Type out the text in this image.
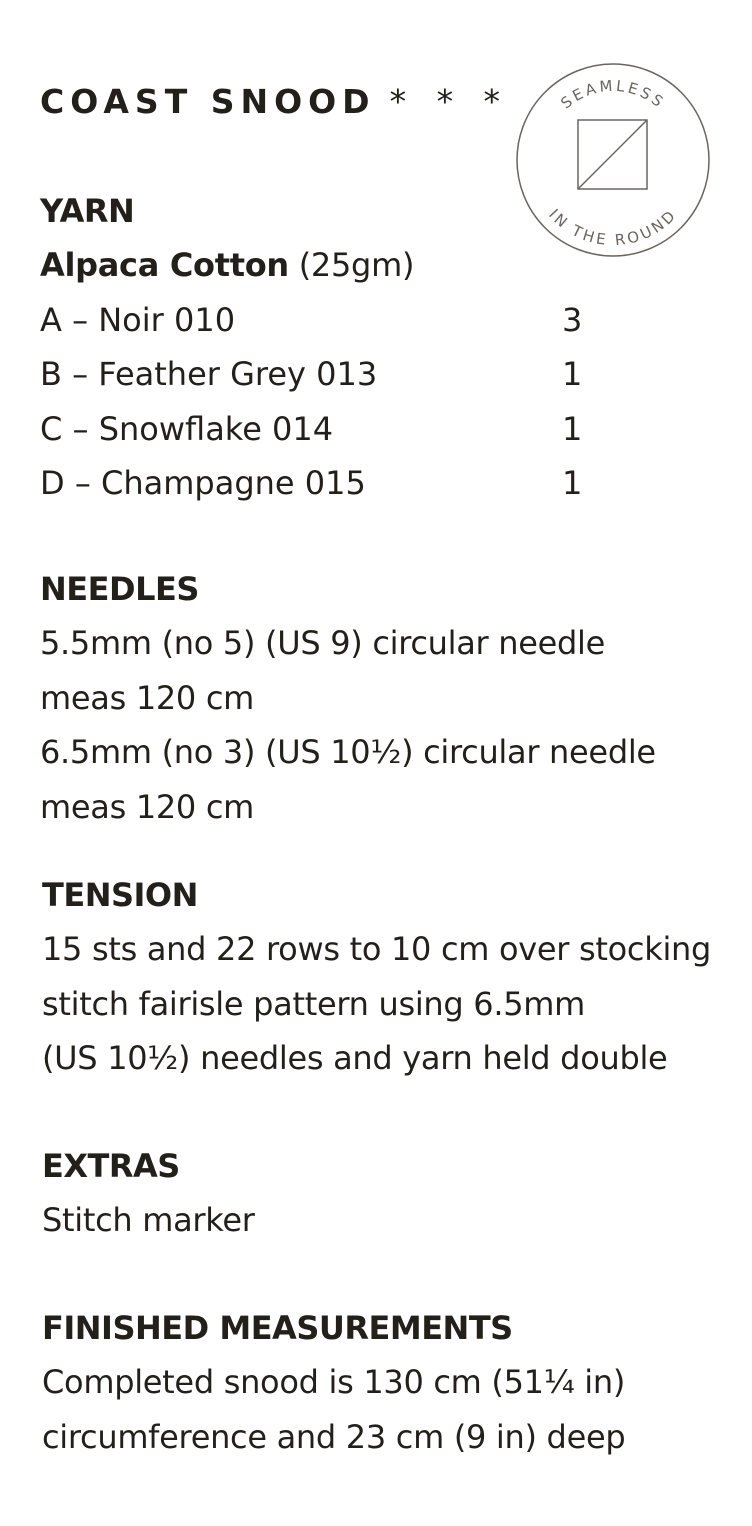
COAST SNOOD * * *	SEAMLESS
IN THE ROUND
YARN
Alpaca Cotton (25gm)
A – Noir 010	3
B – Feather Grey 013	1
C – Snowflake 014	1
D – Champagne 015	1
NEEDLES
5.5mm (no 5) (US 9) circular needle
meas 120 cm
6.5mm (no 3) (US 10½) circular needle
meas 120 cm
TENSION
15 sts and 22 rows to 10 cm over stocking
stitch fairisle pattern using 6.5mm
(US 10½) needles and yarn held double
EXTRAS
Stitch marker
FINISHED MEASUREMENTS
Completed snood is 130 cm (51¼ in)
circumference and 23 cm (9 in) deep
